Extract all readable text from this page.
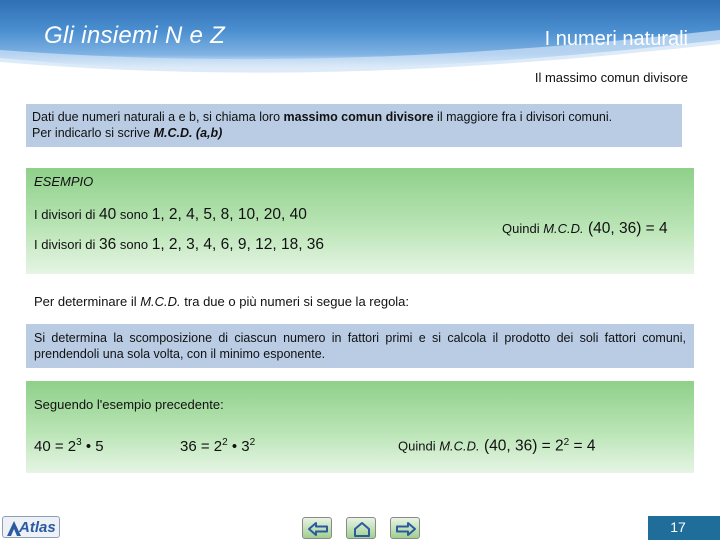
Gli insiemi N e Z	I numeri naturali
Il massimo comun divisore
Dati due numeri naturali a e b, si chiama loro massimo comun divisore il maggiore fra i divisori comuni.
Per indicarlo si scrive M.C.D. (a,b)
ESEMPIO
I divisori di 40 sono 1, 2, 4, 5, 8, 10, 20, 40
I divisori di 36 sono 1, 2, 3, 4, 6, 9, 12, 18, 36
Quindi M.C.D. (40, 36) = 4
Per determinare il M.C.D. tra due o più numeri si segue la regola:
Si determina la scomposizione di ciascun numero in fattori primi e si calcola il prodotto dei soli fattori comuni, prendendoli una sola volta, con il minimo esponente.
Seguendo l'esempio precedente:
$40 = 2^3$ • 5	$36 = 2^2$ • $3^2$	Quindi M.C.D. (40, $36) = 2^2 = 4$
Atlas	17
